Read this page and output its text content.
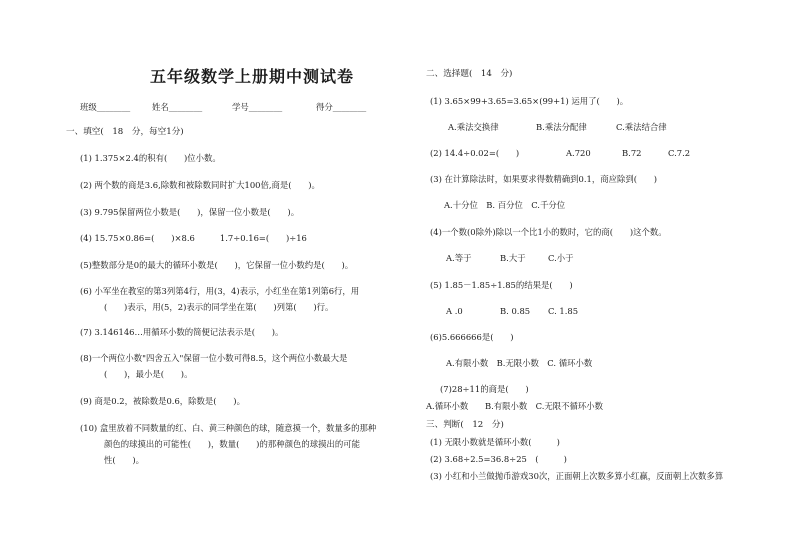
五年级数学上册期中测试卷
班级________	姓名________	学号________	得分________
一、填空(　18　分，每空1分)
(1) 1.375×2.4的积有(　　)位小数。
(2) 两个数的商是3.6,除数和被除数同时扩大100倍,商是(　　)。
(3) 9.795保留两位小数是(　　)，保留一位小数是(　　)。
(4) 15.75×0.86=(　　)×8.6　　　1.7÷0.16=(　　)÷16
(5)整数部分是0的最大的循环小数是(　　)，它保留一位小数约是(　　)。
(6) 小军坐在教室的第3列第4行，用(3，4)表示，小红坐在第1列第6行，用
(　　)表示，用(5，2)表示的同学坐在第(　　)列第(　　)行。
(7) 3.146146…用循环小数的简便记法表示是(　　)。
(8)一个两位小数"四舍五入"保留一位小数可得8.5，这个两位小数最大是
(　　)，最小是(　　)。
(9) 商是0.2，被除数是0.6，除数是(　　)。
(10) 盒里放着不同数量的红、白、黄三种颜色的球，随意摸一个，数量多的那种
颜色的球摸出的可能性(　　)，数量(　　)的那种颜色的球摸出的可能
性(　　)。
二、选择题(　14　分)
(1) 3.65×99+3.65=3.65×(99+1) 运用了(　　)。
A.乘法交换律	B.乘法分配律	C.乘法结合律
(2) 14.4÷0.02=(　　)	A.720	B.72	C.7.2
(3) 在计算除法时，如果要求得数精确到0.1，商应除到(　　)
A.十分位　B. 百分位　C.千分位
(4)一个数(0除外)除以一个比1小的数时，它的商(　　)这个数。
A.等于	B.大于	C.小于
(5) 1.85－1.85÷1.85的结果是(　　)
A .0	B. 0.85 C. 1.85
(6)5.666666是(　　)
A.有限小数　B.无限小数　C. 循环小数
(7)28÷11的商是(　　)
A.循环小数　　B.有限小数　C.无限不循环小数
三、判断(　12　分)
(1) 无限小数就是循环小数(　　　)
(2) 3.68÷2.5=36.8÷25　(　　　)
(3) 小红和小兰做抛币游戏30次，正面朝上次数多算小红赢，反面朝上次数多算
